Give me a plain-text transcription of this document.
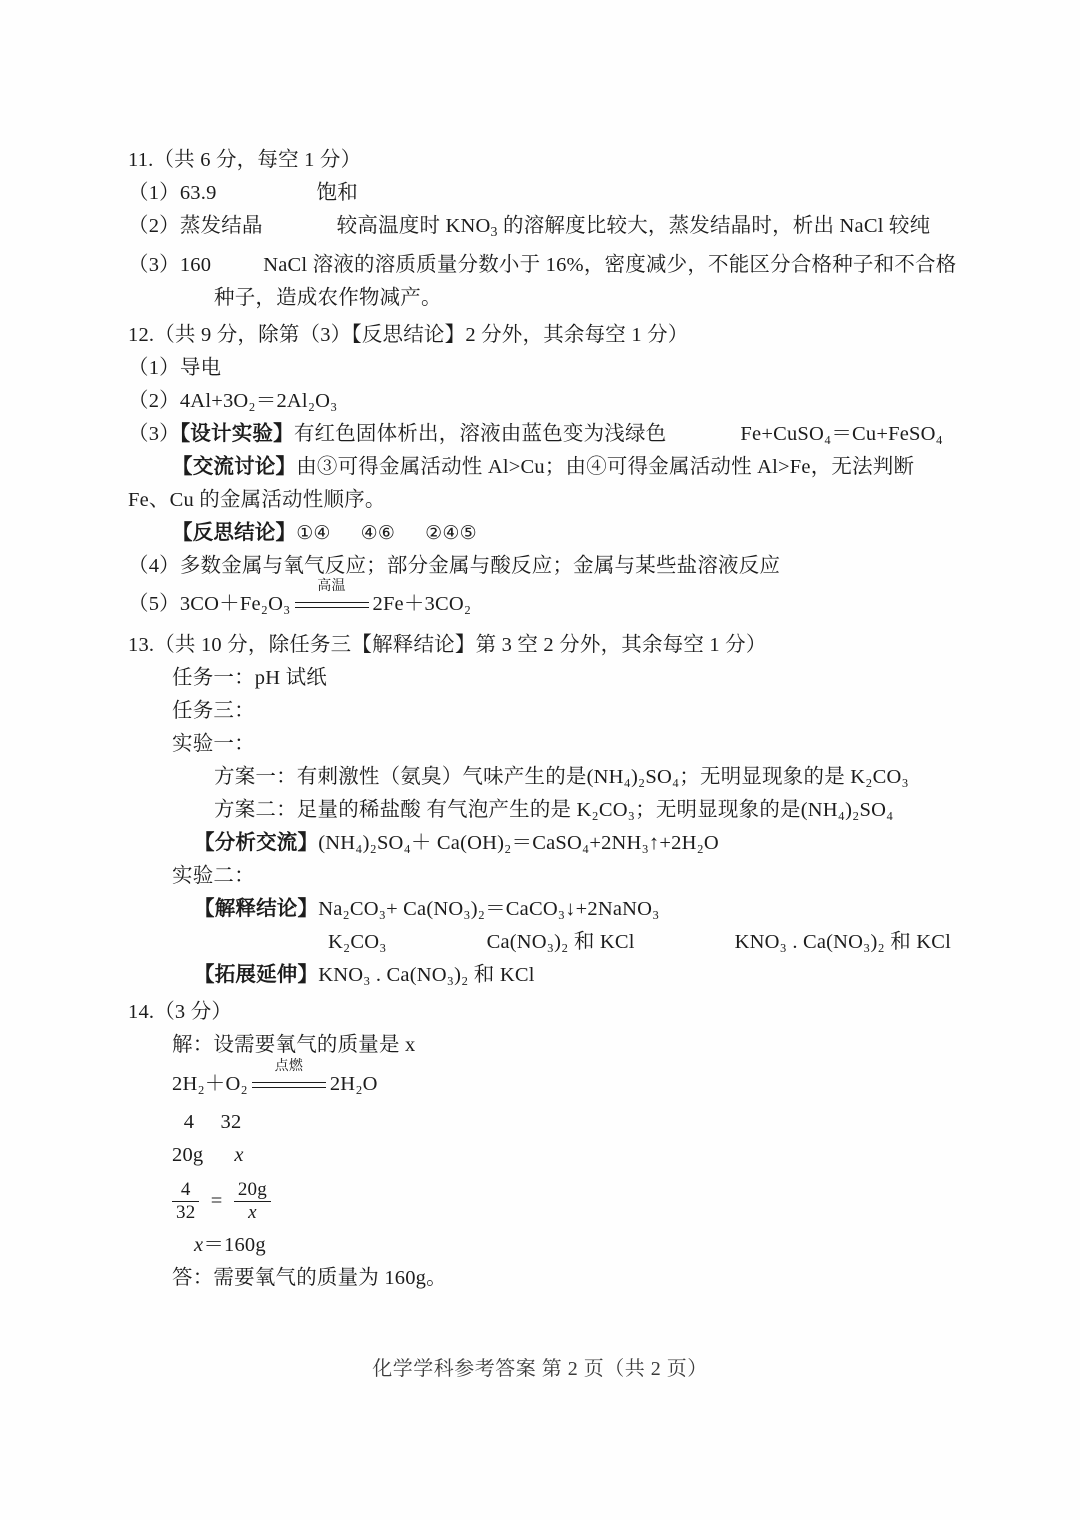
11.（共 6 分，每空 1 分）
（1）63.9	饱和
（2）蒸发结晶	较高温度时 $KNO_3$ 的溶解度比较大，蒸发结晶时，析出 NaCl 较纯
（3）160	NaCl 溶液的溶质质量分数小于 16%，密度减少，不能区分合格种子和不合格
种子，造成农作物减产。
12.（共 9 分，除第（3）【反思结论】2 分外，其余每空 1 分）
（1）导电
（2）4Al+3O₂＝2Al₂O₃
（3）【设计实验】有红色固体析出，溶液由蓝色变为浅绿色	Fe+CuSO₄＝Cu+FeSO₄
【交流讨论】由③可得金属活动性 Al>Cu；由④可得金属活动性 Al>Fe，无法判断
Fe、Cu 的金属活动性顺序。
【反思结论】①④ ④⑥ ②④⑤
（4）多数金属与氧气反应；部分金属与酸反应；金属与某些盐溶液反应
（5）3CO＋Fe₂O₃
高温
2Fe＋3CO₂
13.（共 10 分，除任务三【解释结论】第 3 空 2 分外，其余每空 1 分）
任务一：pH 试纸
任务三：
实验一：
方案一：有刺激性（氨臭）气味产生的是(NH₄)₂SO₄；无明显现象的是 K₂CO₃
方案二：足量的稀盐酸 有气泡产生的是 K₂CO₃；无明显现象的是(NH₄)₂SO₄
【分析交流】(NH₄)₂SO₄＋ Ca(OH)₂＝CaSO₄+2NH₃↑+2H₂O
实验二：
【解释结论】Na₂CO₃+ Ca(NO₃)₂＝CaCO₃↓+2NaNO₃
K₂CO₃	Ca(NO₃)₂ 和 KCl	KNO₃ . Ca(NO₃)₂ 和 KCl
【拓展延伸】KNO₃ . Ca(NO₃)₂ 和 KCl
14.（3 分）
解：设需要氧气的质量是 x
2H₂＋O₂
点燃
2H₂O
4 32
20g x
$\frac{4}{32} = \frac{20g}{x}$
x＝160g
答：需要氧气的质量为 160g。
化学学科参考答案 第 2 页（共 2 页）
